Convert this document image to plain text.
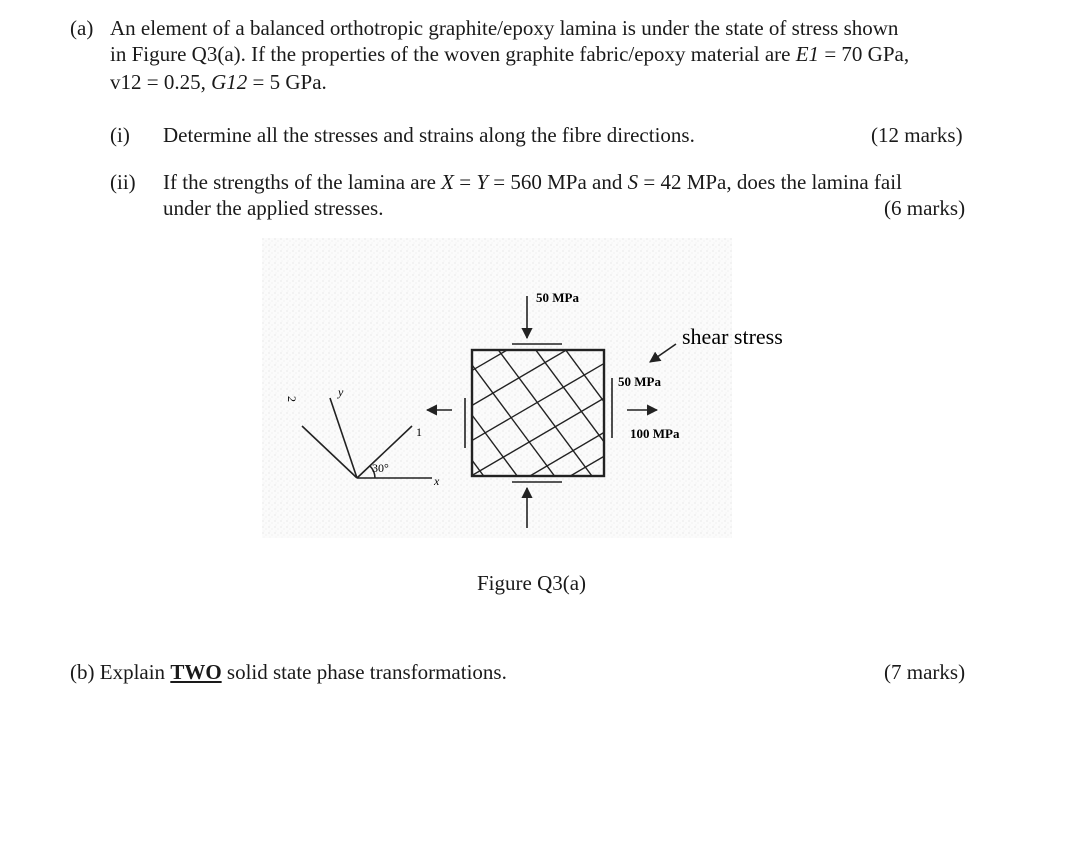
(a) An element of a balanced orthotropic graphite/epoxy lamina is under the state of stress shown
in Figure Q3(a). If the properties of the woven graphite fabric/epoxy material are E1 = 70 GPa,
v12 = 0.25, G12 = 5 GPa.
(i) Determine all the stresses and strains along the fibre directions.	(12 marks)
(ii) If the strengths of the lamina are X = Y = 560 MPa and S = 42 MPa, does the lamina fail
under the applied stresses.	(6 marks)
2	y
1
x
30°
50 MPa
shear stress
50 MPa
100 MPa
Figure Q3(a)
(b) Explain TWO solid state phase transformations.	(7 marks)
